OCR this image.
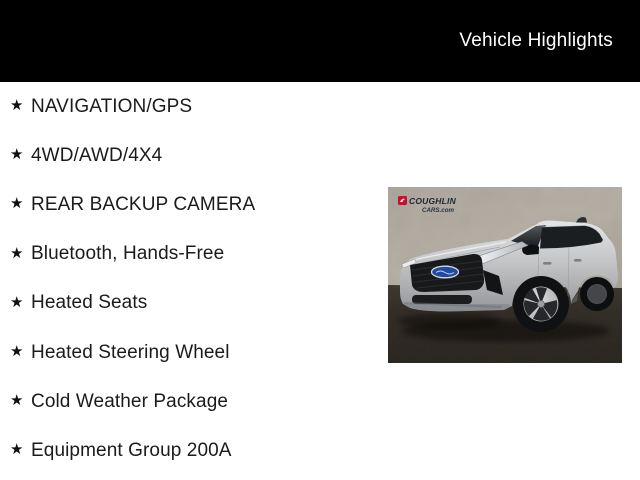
Vehicle Highlights
★ NAVIGATION/GPS
★ 4WD/AWD/4X4
★ REAR BACKUP CAMERA
★ Bluetooth, Hands-Free
★ Heated Seats
★ Heated Steering Wheel
★ Cold Weather Package
★ Equipment Group 200A
COUGHLIN
CARS.com
